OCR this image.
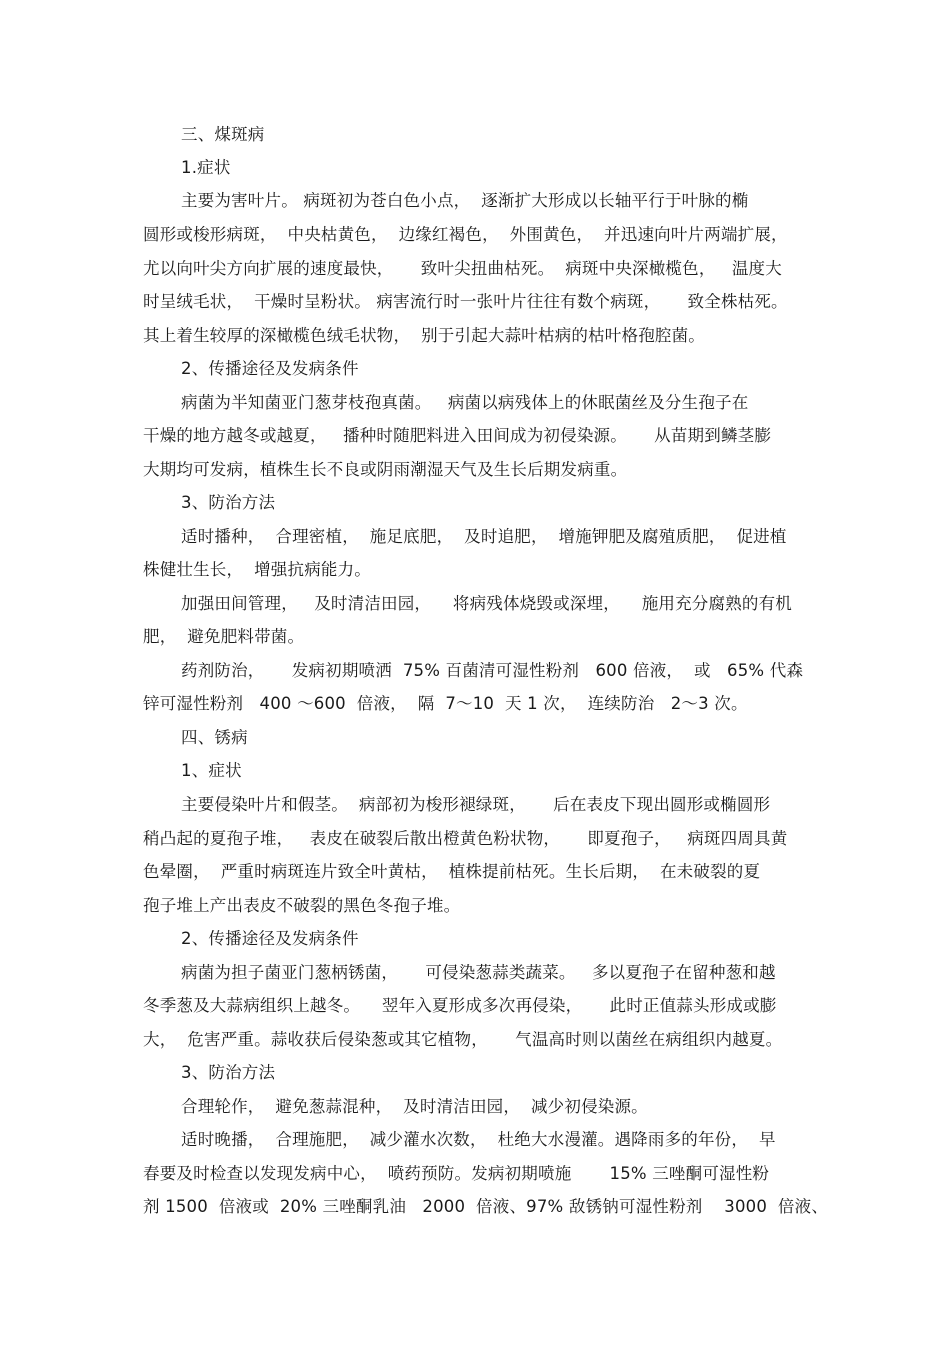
三、煤斑病
1.症状
主要为害叶片。 病斑初为苍白色小点，  逐渐扩大形成以长轴平行于叶脉的椭
圆形或梭形病斑，  中央枯黄色，  边缘红褐色，  外围黄色，  并迅速向叶片两端扩展，
尤以向叶尖方向扩展的速度最快，     致叶尖扭曲枯死。  病斑中央深橄榄色，   温度大
时呈绒毛状，  干燥时呈粉状。 病害流行时一张叶片往往有数个病斑，     致全株枯死。
其上着生较厚的深橄榄色绒毛状物，  别于引起大蒜叶枯病的枯叶格孢腔菌。
2、传播途径及发病条件
病菌为半知菌亚门葱芽枝孢真菌。   病菌以病残体上的休眠菌丝及分生孢子在
干燥的地方越冬或越夏，   播种时随肥料进入田间成为初侵染源。     从苗期到鳞茎膨
大期均可发病，植株生长不良或阴雨潮湿天气及生长后期发病重。
3、防治方法
适时播种，  合理密植，  施足底肥，  及时追肥，  增施钾肥及腐殖质肥，  促进植
株健壮生长，  增强抗病能力。
加强田间管理，   及时清洁田园，    将病残体烧毁或深埋，    施用充分腐熟的有机
肥，  避免肥料带菌。
药剂防治，     发病初期喷洒  75% 百菌清可湿性粉剂   600 倍液，  或   65% 代森
锌可湿性粉剂   400 ～600  倍液，  隔  7～10  天 1 次，  连续防治   2～3 次。
四、锈病
1、症状
主要侵染叶片和假茎。  病部初为梭形褪绿斑，     后在表皮下现出圆形或椭圆形
稍凸起的夏孢子堆，   表皮在破裂后散出橙黄色粉状物，     即夏孢子，   病斑四周具黄
色晕圈，  严重时病斑连片致全叶黄枯，  植株提前枯死。生长后期，  在未破裂的夏
孢子堆上产出表皮不破裂的黑色冬孢子堆。
2、传播途径及发病条件
病菌为担子菌亚门葱柄锈菌，     可侵染葱蒜类蔬菜。   多以夏孢子在留种葱和越
冬季葱及大蒜病组织上越冬。    翌年入夏形成多次再侵染，     此时正值蒜头形成或膨
大，  危害严重。蒜收获后侵染葱或其它植物，     气温高时则以菌丝在病组织内越夏。
3、防治方法
合理轮作，  避免葱蒜混种，  及时清洁田园，  减少初侵染源。
适时晚播，  合理施肥，  减少灌水次数，  杜绝大水漫灌。遇降雨多的年份，  早
春要及时检查以发现发病中心，  喷药预防。发病初期喷施       15% 三唑酮可湿性粉
剂 1500  倍液或  20% 三唑酮乳油   2000  倍液、97% 敌锈钠可湿性粉剂    3000  倍液、
